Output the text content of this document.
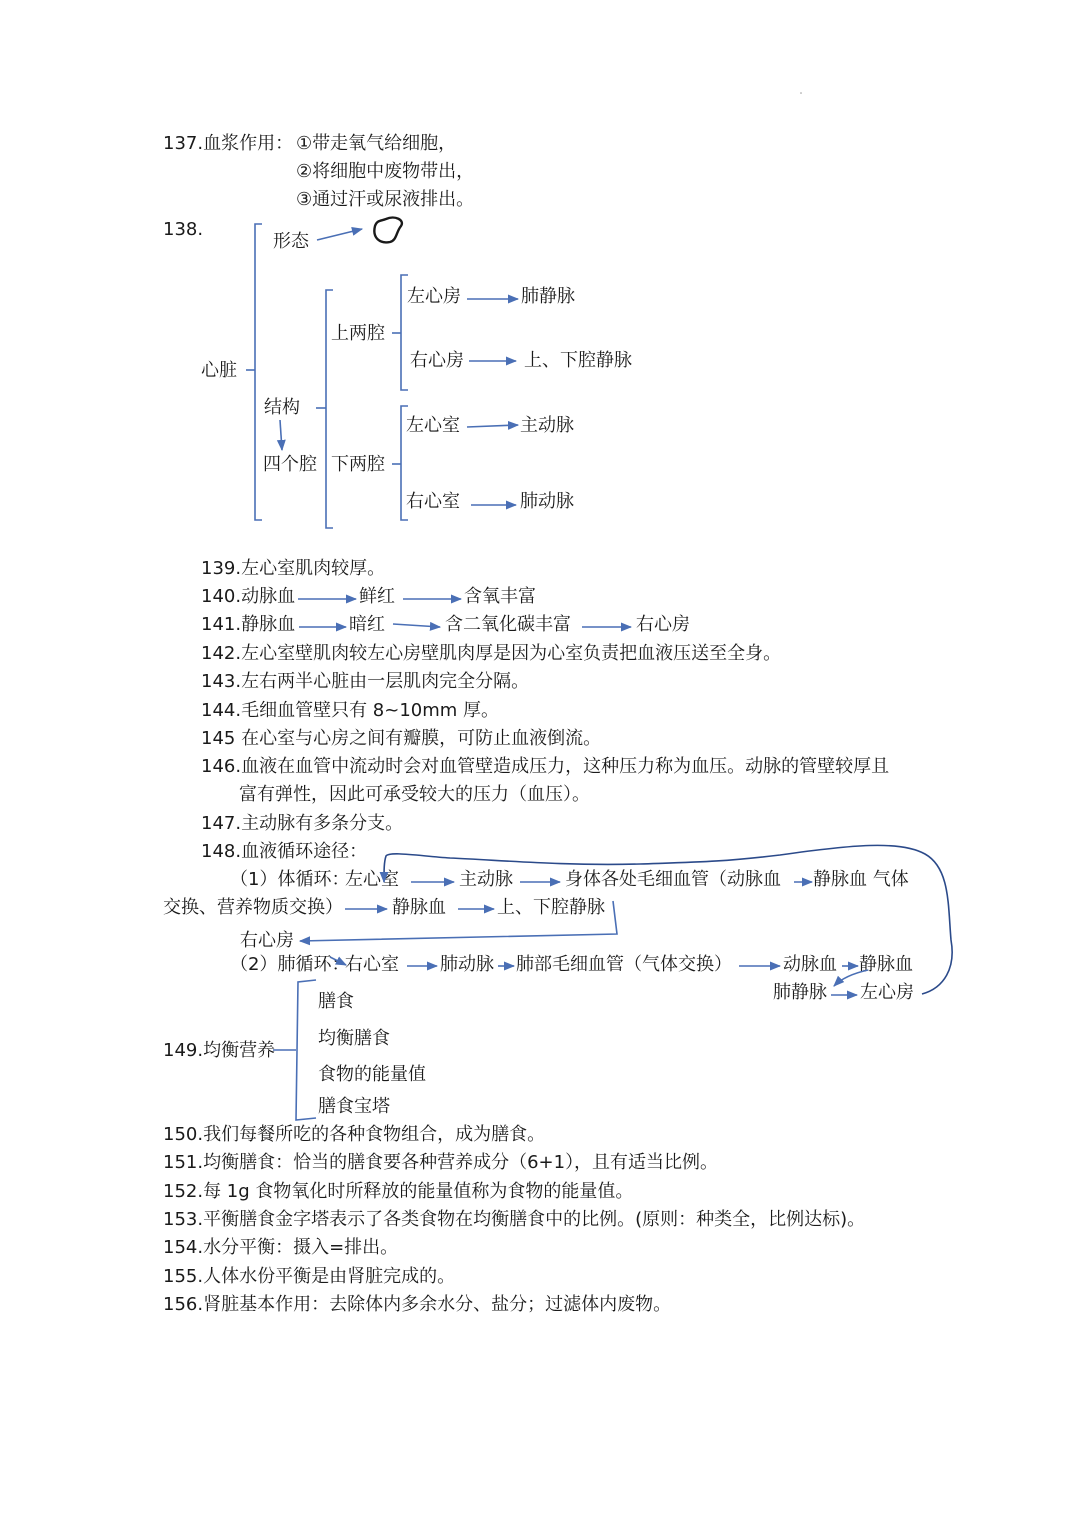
137.血浆作用： ①带走氧气给细胞，
②将细胞中废物带出，
③通过汗或尿液排出。
138.
心脏
形态
结构
四个腔
上两腔
下两腔
左心房	肺静脉
右心房	上、下腔静脉
左心室	主动脉
右心室	肺动脉
139.左心室肌肉较厚。
140.动脉血	鲜红	含氧丰富
141.静脉血	暗红	含二氧化碳丰富	右心房
142.左心室壁肌肉较左心房壁肌肉厚是因为心室负责把血液压送至全身。
143.左右两半心脏由一层肌肉完全分隔。
144.毛细血管壁只有 8~10mm 厚。
145 在心室与心房之间有瓣膜，可防止血液倒流。
146.血液在血管中流动时会对血管壁造成压力，这种压力称为血压。动脉的管壁较厚且
富有弹性，因此可承受较大的压力（血压）。
147.主动脉有多条分支。
148.血液循环途径：
（1）体循环：
左心室	主动脉	身体各处毛细血管（动脉血 静脉血 气体
交换、营养物质交换）	静脉血	上、下腔静脉
右心房
（2）肺循环：
右心室 肺动脉 肺部毛细血管（气体交换）	动脉血 静脉血
肺静脉 左心房
149.均衡营养
膳食
均衡膳食
食物的能量值
膳食宝塔
150.我们每餐所吃的各种食物组合，成为膳食。
151.均衡膳食：恰当的膳食要各种营养成分（6+1），且有适当比例。
152.每 1g 食物氧化时所释放的能量值称为食物的能量值。
153.平衡膳食金字塔表示了各类食物在均衡膳食中的比例。(原则：种类全，比例达标)。
154.水分平衡：摄入=排出。
155.人体水份平衡是由肾脏完成的。
156.肾脏基本作用：去除体内多余水分、盐分；过滤体内废物。
